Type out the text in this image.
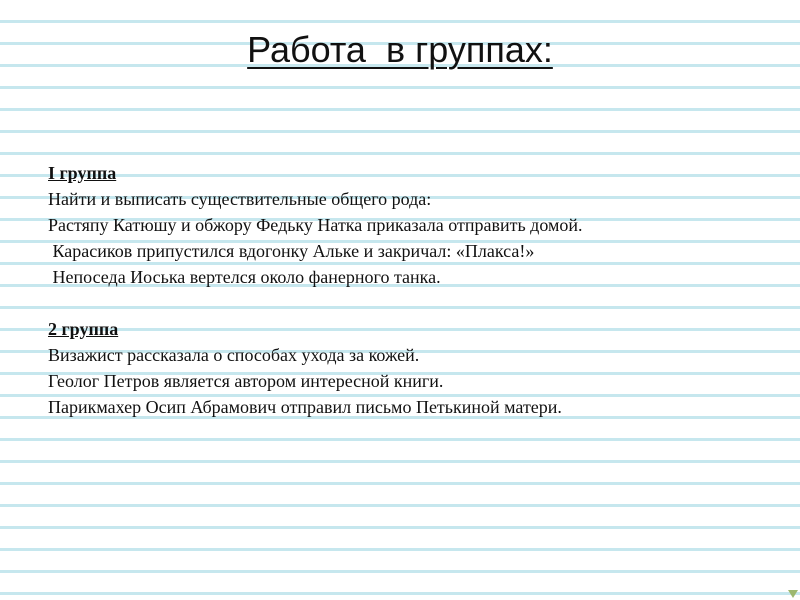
Работа  в группах:
I группа
Найти и выписать существительные общего рода:
Растяпу Катюшу и обжору Федьку Натка приказала отправить домой.
Карасиков припустился вдогонку Альке и закричал: «Плакса!»
Непоседа Иоська вертелся около фанерного танка.
2 группа
Визажист рассказала о способах ухода за кожей.
Геолог Петров является автором интересной книги.
Парикмахер Осип Абрамович отправил письмо Петькиной матери.
